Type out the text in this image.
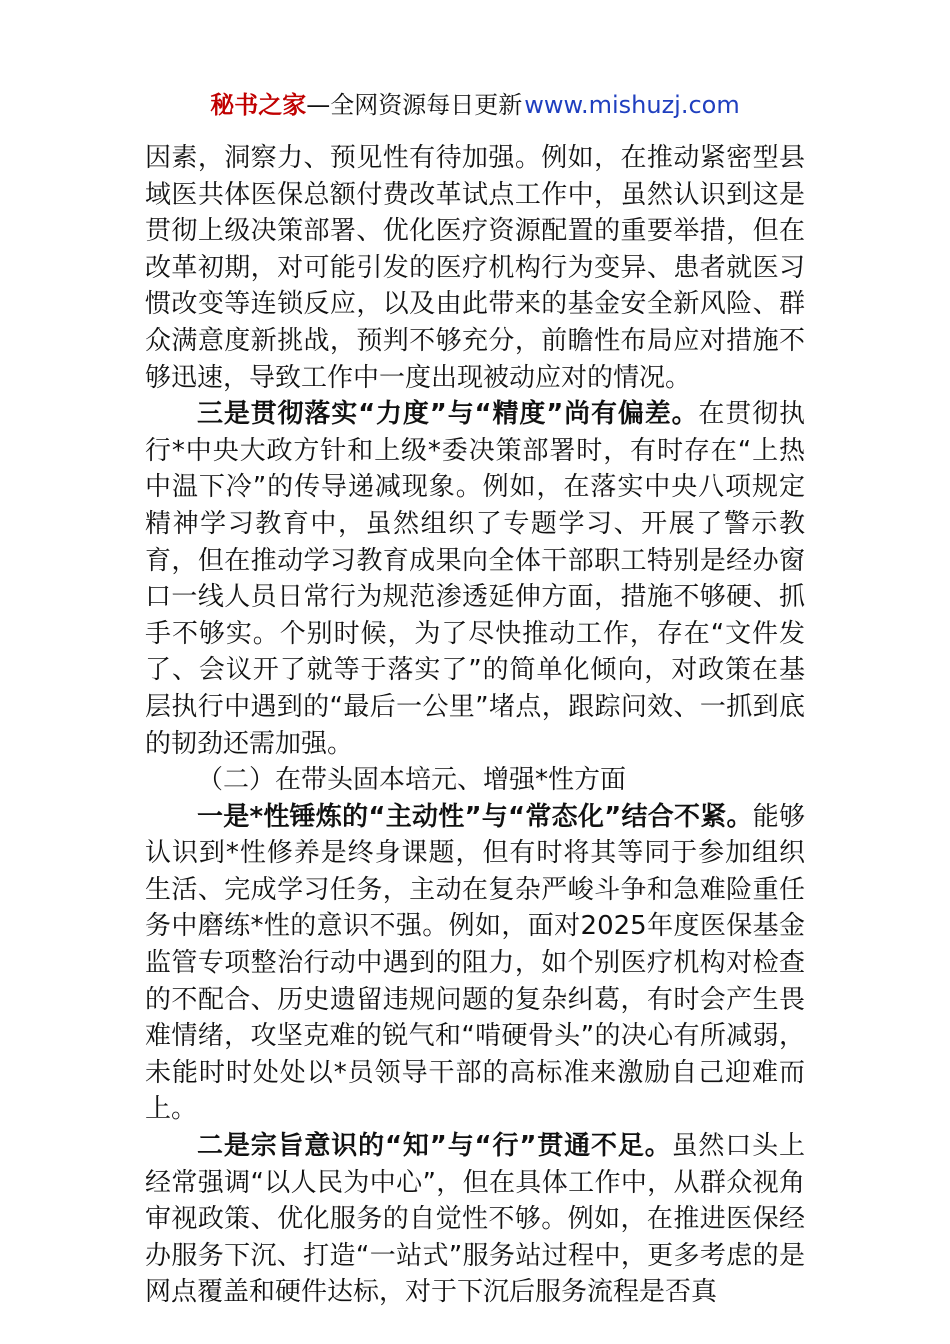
秘书之家—全网资源每日更新www.mishuzj.com

因素，洞察力、预见性有待加强。例如，在推动紧密型县域医共体医保总额付费改革试点工作中，虽然认识到这是贯彻上级决策部署、优化医疗资源配置的重要举措，但在改革初期，对可能引发的医疗机构行为变异、患者就医习惯改变等连锁反应，以及由此带来的基金安全新风险、群众满意度新挑战，预判不够充分，前瞻性布局应对措施不够迅速，导致工作中一度出现被动应对的情况。

三是贯彻落实“力度”与“精度”尚有偏差。在贯彻执行*中央大政方针和上级*委决策部署时，有时存在“上热中温下冷”的传导递减现象。例如，在落实中央八项规定精神学习教育中，虽然组织了专题学习、开展了警示教育，但在推动学习教育成果向全体干部职工特别是经办窗口一线人员日常行为规范渗透延伸方面，措施不够硬、抓手不够实。个别时候，为了尽快推动工作，存在“文件发了、会议开了就等于落实了”的简单化倾向，对政策在基层执行中遇到的“最后一公里”堵点，跟踪问效、一抓到底的韧劲还需加强。

（二）在带头固本培元、增强*性方面

一是*性锤炼的“主动性”与“常态化”结合不紧。能够认识到*性修养是终身课题，但有时将其等同于参加组织生活、完成学习任务，主动在复杂严峻斗争和急难险重任务中磨练*性的意识不强。例如，面对2025年度医保基金监管专项整治行动中遇到的阻力，如个别医疗机构对检查的不配合、历史遗留违规问题的复杂纠葛，有时会产生畏难情绪，攻坚克难的锐气和“啃硬骨头”的决心有所减弱，未能时时处处以*员领导干部的高标准来激励自己迎难而上。

二是宗旨意识的“知”与“行”贯通不足。虽然口头上经常强调“以人民为中心”，但在具体工作中，从群众视角审视政策、优化服务的自觉性不够。例如，在推进医保经办服务下沉、打造“一站式”服务站过程中，更多考虑的是网点覆盖和硬件达标，对于下沉后服务流程是否真
